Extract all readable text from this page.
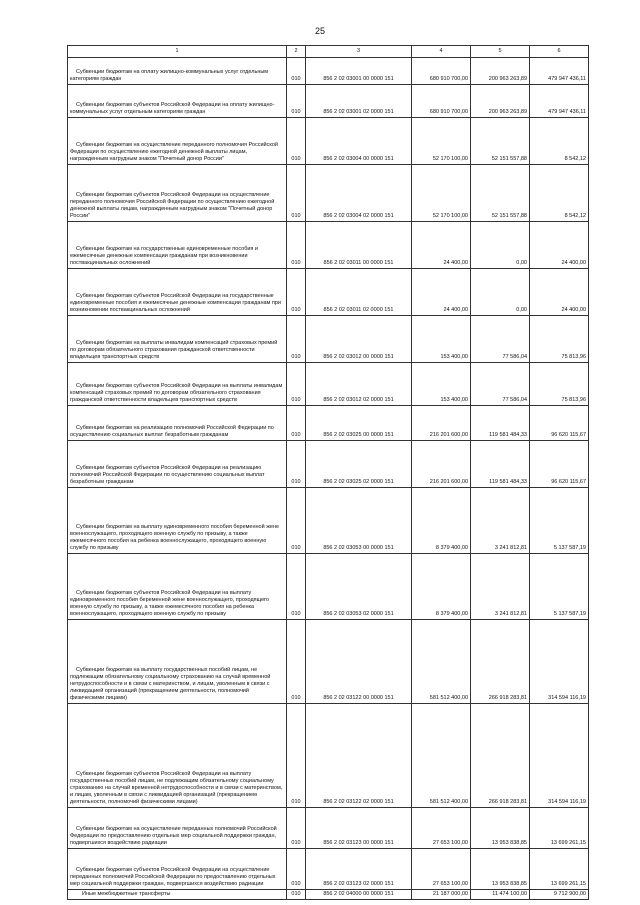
25
1	2	3	4	5	6
Субвенции бюджетам на оплату жилищно-коммунальных услуг отдельным категориям граждан	010	856 2 02 03001 00 0000 151	680 910 700,00	200 963 263,89	479 947 436,11
Субвенции бюджетам субъектов Российской Федерации на оплату жилищно-коммунальных услуг отдельным категориям граждан	010	856 2 02 03001 02 0000 151	680 910 700,00	200 963 263,89	479 947 436,11
Субвенции бюджетам на осуществление переданного полномочия Российской Федерации по осуществлению ежегодной денежной выплаты лицам, награжденным нагрудным знаком "Почетный донор России"	010	856 2 02 03004 00 0000 151	52 170 100,00	52 151 557,88	8 542,12
Субвенции бюджетам субъектов Российской Федерации на осуществление переданного полномочия Российской Федерации по осуществлению ежегодной денежной выплаты лицам, награжденным нагрудным знаком "Почетный донор России"	010	856 2 02 03004 02 0000 151	52 170 100,00	52 151 557,88	8 542,12
Субвенции бюджетам на государственные единовременные пособия и ежемесячные денежные компенсации гражданам при возникновении поствакцинальных осложнений	010	856 2 02 03011 00 0000 151	24 400,00	0,00	24 400,00
Субвенции бюджетам субъектов Российской Федерации на государственные единовременные пособия и ежемесячные денежные компенсации гражданам при возникновении поствакцинальных осложнений	010	856 2 02 03011 02 0000 151	24 400,00	0,00	24 400,00
Субвенции бюджетам на выплаты инвалидам компенсаций страховых премий по договорам обязательного страхования гражданской ответственности владельцев транспортных средств	010	856 2 02 03012 00 0000 151	153 400,00	77 586,04	75 813,96
Субвенции бюджетам субъектов Российской Федерации на выплаты инвалидам компенсаций страховых премий по договорам обязательного страхования гражданской ответственности владельцев транспортных средств	010	856 2 02 03012 02 0000 151	153 400,00	77 586,04	75 813,96
Субвенции бюджетам на реализацию полномочий Российской Федерации по осуществлению социальных выплат безработным гражданам	010	856 2 02 03025 00 0000 151	216 201 600,00	119 581 484,33	96 620 115,67
Субвенции бюджетам субъектов Российской Федерации на реализацию полномочий Российской Федерации по осуществлению социальных выплат безработным гражданам	010	856 2 02 03025 02 0000 151	216 201 600,00	119 581 484,33	96 620 115,67
Субвенции бюджетам на выплату единовременного пособия беременной жене военнослужащего, проходящего военную службу по призыву, а также ежемесячного пособия на ребенка военнослужащего, проходящего военную службу по призыву	010	856 2 02 03053 00 0000 151	8 379 400,00	3 241 812,81	5 137 587,19
Субвенции бюджетам субъектов Российской Федерации на выплату единовременного пособия беременной жене военнослужащего, проходящего военную службу по призыву, а также ежемесячного пособия на ребенка военнослужащего, проходящего военную службу по призыву	010	856 2 02 03053 02 0000 151	8 379 400,00	3 241 812,81	5 137 587,19
Субвенции бюджетам на выплату государственных пособий лицам, не подлежащим обязательному социальному страхованию на случай временной нетрудоспособности и в связи с материнством, и лицам, уволенным в связи с ликвидацией организаций (прекращением деятельности, полномочий физическими лицами)	010	856 2 02 03122 00 0000 151	581 512 400,00	266 918 283,81	314 594 116,19
Субвенции бюджетам субъектов Российской Федерации на выплату государственных пособий лицам, не подлежащим обязательному социальному страхованию на случай временной нетрудоспособности и в связи с материнством, и лицам, уволенным в связи с ликвидацией организаций (прекращением деятельности, полномочий физическими лицами)	010	856 2 02 03122 02 0000 151	581 512 400,00	266 918 283,81	314 594 116,19
Субвенции бюджетам на осуществление переданных полномочий Российской Федерации по предоставлению отдельных мер социальной поддержки граждан, подвергшихся воздействию радиации	010	856 2 02 03123 00 0000 151	27 653 100,00	13 953 838,85	13 699 261,15
Субвенции бюджетам субъектов Российской Федерации на осуществление переданных полномочий Российской Федерации по предоставлению отдельных мер социальной поддержки граждан, подвергшихся воздействию радиации	010	856 2 02 03123 02 0000 151	27 653 100,00	13 953 838,85	13 699 261,15
Иные межбюджетные трансферты	010	856 2 02 04000 00 0000 151	21 187 000,00	11 474 100,00	9 712 900,00
